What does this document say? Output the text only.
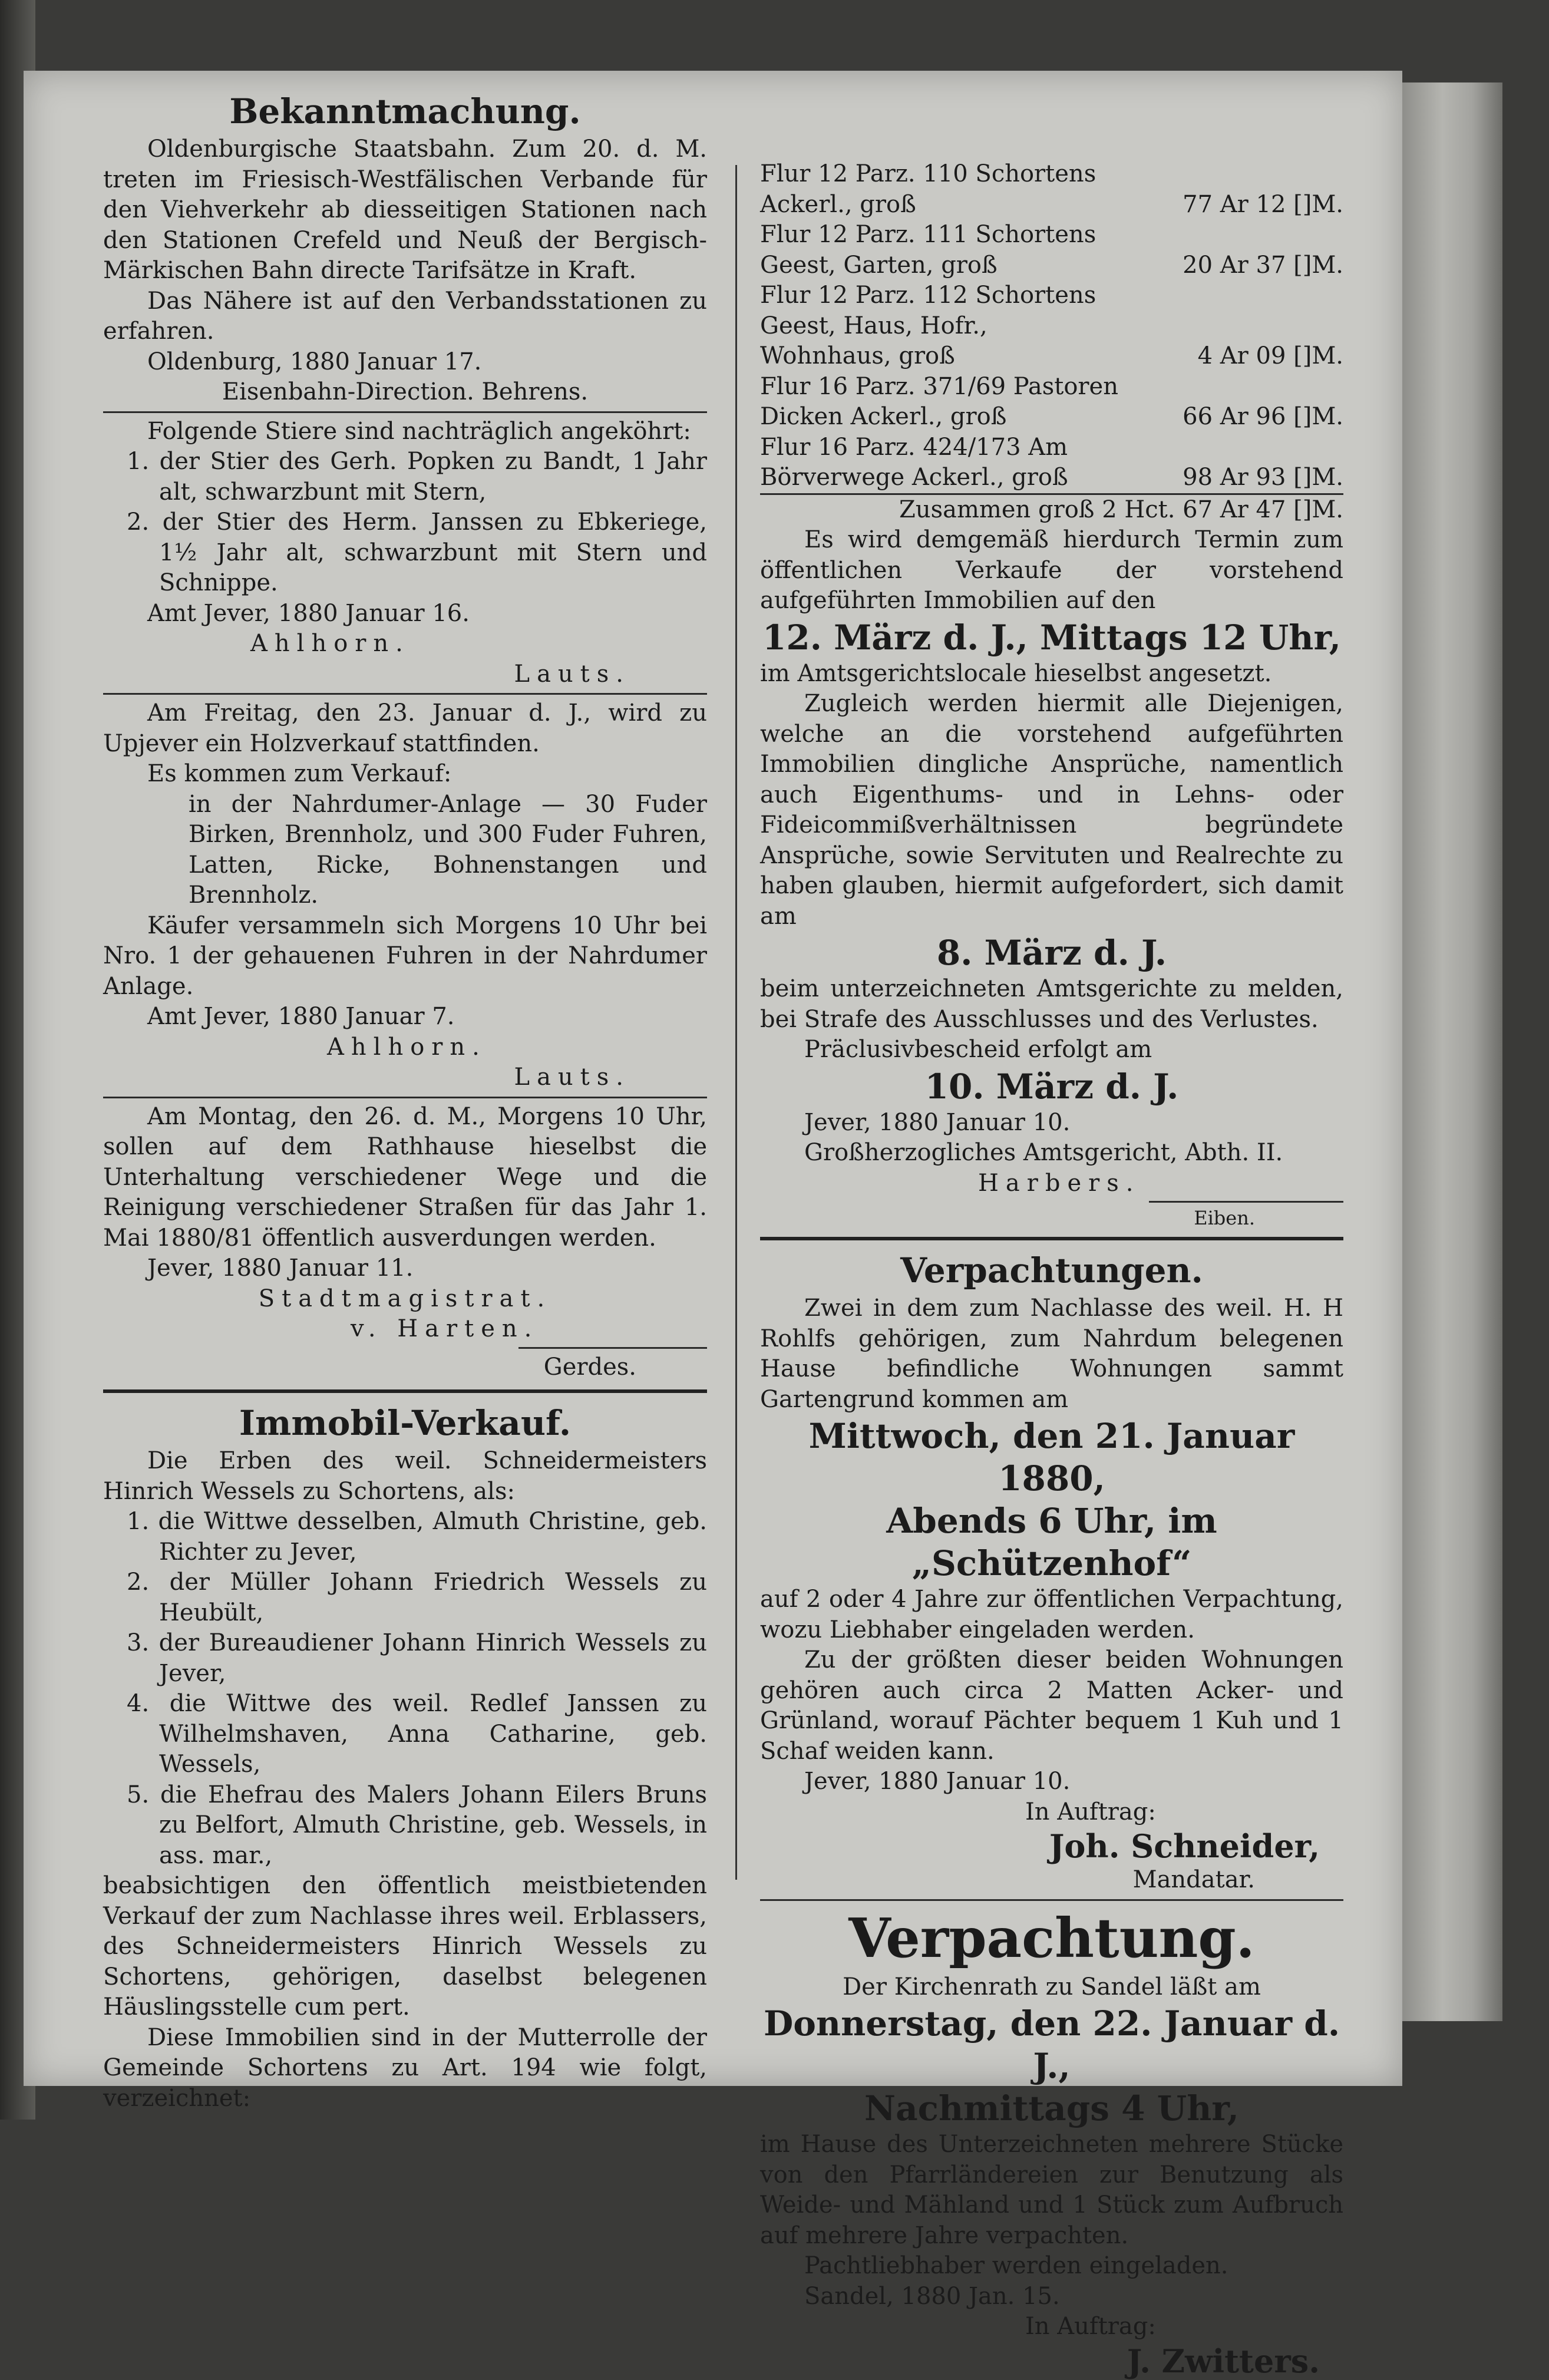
Bekanntmachung.

Oldenburgische Staatsbahn. Zum 20. d. M. treten im Friesisch-Westfälischen Verbande für den Viehverkehr ab diesseitigen Stationen nach den Stationen Crefeld und Neuß der Bergisch-Märkischen Bahn directe Tarifsätze in Kraft.

Das Nähere ist auf den Verbandsstationen zu erfahren.

Oldenburg, 1880 Januar 17.

Eisenbahn-Direction. Behrens.

Folgende Stiere sind nachträglich angeköhrt:

1. der Stier des Gerh. Popken zu Bandt, 1 Jahr alt, schwarzbunt mit Stern,

2. der Stier des Herm. Janssen zu Ebkeriege, 1½ Jahr alt, schwarzbunt mit Stern und Schnippe.

Amt Jever, 1880 Januar 16.

Ahlhorn.

Lauts.

Am Freitag, den 23. Januar d. J., wird zu Upjever ein Holzverkauf stattfinden.

Es kommen zum Verkauf:

in der Nahrdumer-Anlage — 30 Fuder Birken, Brennholz, und 300 Fuder Fuhren, Latten, Ricke, Bohnenstangen und Brennholz.

Käufer versammeln sich Morgens 10 Uhr bei Nro. 1 der gehauenen Fuhren in der Nahrdumer Anlage.

Amt Jever, 1880 Januar 7.

Ahlhorn.

Lauts.

Am Montag, den 26. d. M., Morgens 10 Uhr, sollen auf dem Rathhause hieselbst die Unterhaltung verschiedener Wege und die Reinigung verschiedener Straßen für das Jahr 1. Mai 1880/81 öffentlich ausverdungen werden.

Jever, 1880 Januar 11.

Stadtmagistrat.

v. Harten.

Gerdes.

Immobil-Verkauf.

Die Erben des weil. Schneidermeisters Hinrich Wessels zu Schortens, als:

1. die Wittwe desselben, Almuth Christine, geb. Richter zu Jever,

2. der Müller Johann Friedrich Wessels zu Heubült,

3. der Bureaudiener Johann Hinrich Wessels zu Jever,

4. die Wittwe des weil. Redlef Janssen zu Wilhelmshaven, Anna Catharine, geb. Wessels,

5. die Ehefrau des Malers Johann Eilers Bruns zu Belfort, Almuth Christine, geb. Wessels, in ass. mar.,

beabsichtigen den öffentlich meistbietenden Verkauf der zum Nachlasse ihres weil. Erblassers, des Schneidermeisters Hinrich Wessels zu Schortens, gehörigen, daselbst belegenen Häuslingsstelle cum pert.

Diese Immobilien sind in der Mutterrolle der Gemeinde Schortens zu Art. 194 wie folgt, verzeichnet:

Flur 12 Parz. 110 Schortens Ackerl., groß	77 Ar 12 []M.
Flur 12 Parz. 111 Schortens Geest, Garten, groß	20 Ar 37 []M.
Flur 12 Parz. 112 Schortens Geest, Haus, Hofr., Wohnhaus, groß	4 Ar 09 []M.
Flur 16 Parz. 371/69 Pastoren Dicken Ackerl., groß	66 Ar 96 []M.
Flur 16 Parz. 424/173 Am Börverwege Ackerl., groß	98 Ar 93 []M.

Zusammen groß 2 Hct. 67 Ar 47 []M.

Es wird demgemäß hierdurch Termin zum öffentlichen Verkaufe der vorstehend aufgeführten Immobilien auf den

12. März d. J., Mittags 12 Uhr,

im Amtsgerichtslocale hieselbst angesetzt.

Zugleich werden hiermit alle Diejenigen, welche an die vorstehend aufgeführten Immobilien dingliche Ansprüche, namentlich auch Eigenthums- und in Lehns- oder Fideicommißverhältnissen begründete Ansprüche, sowie Servituten und Realrechte zu haben glauben, hiermit aufgefordert, sich damit am

8. März d. J.

beim unterzeichneten Amtsgerichte zu melden, bei Strafe des Ausschlusses und des Verlustes.

Präclusivbescheid erfolgt am

10. März d. J.

Jever, 1880 Januar 10.

Großherzogliches Amtsgericht, Abth. II.

Harbers.

Eiben.

Verpachtungen.

Zwei in dem zum Nachlasse des weil. H. H Rohlfs gehörigen, zum Nahrdum belegenen Hause befindliche Wohnungen sammt Gartengrund kommen am

Mittwoch, den 21. Januar 1880,

Abends 6 Uhr, im „Schützenhof“

auf 2 oder 4 Jahre zur öffentlichen Verpachtung, wozu Liebhaber eingeladen werden.

Zu der größten dieser beiden Wohnungen gehören auch circa 2 Matten Acker- und Grünland, worauf Pächter bequem 1 Kuh und 1 Schaf weiden kann.

Jever, 1880 Januar 10.

In Auftrag:

Joh. Schneider,

Mandatar.

Verpachtung.

Der Kirchenrath zu Sandel läßt am

Donnerstag, den 22. Januar d. J.,

Nachmittags 4 Uhr,

im Hause des Unterzeichneten mehrere Stücke von den Pfarrländereien zur Benutzung als Weide- und Mähland und 1 Stück zum Aufbruch auf mehrere Jahre verpachten.

Pachtliebhaber werden eingeladen.

Sandel, 1880 Jan. 15.

In Auftrag:

J. Zwitters.
